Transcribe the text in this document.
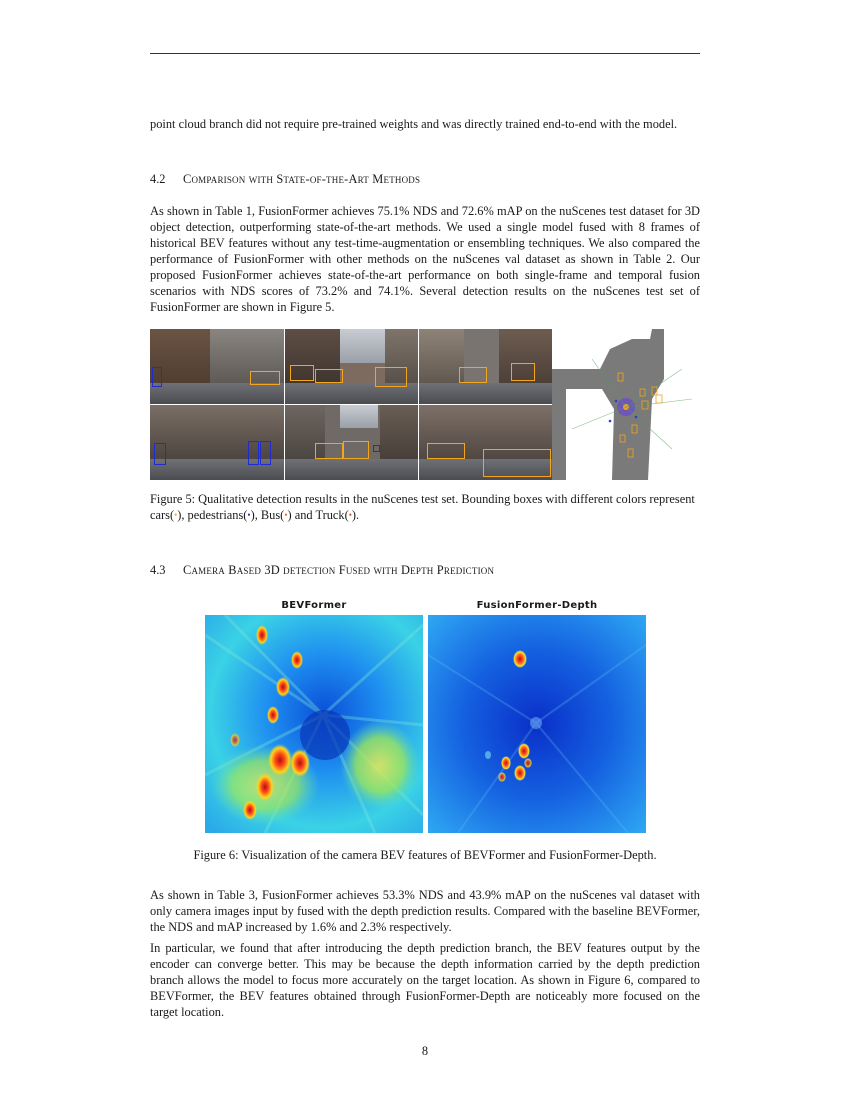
point cloud branch did not require pre-trained weights and was directly trained end-to-end with the model.

4.2 Comparison with State-of-the-Art Methods

As shown in Table 1, FusionFormer achieves 75.1% NDS and 72.6% mAP on the nuScenes test dataset for 3D object detection, outperforming state-of-the-art methods. We used a single model fused with 8 frames of historical BEV features without any test-time-augmentation or ensembling techniques. We also compared the performance of FusionFormer with other methods on the nuScenes val dataset as shown in Table 2. Our proposed FusionFormer achieves state-of-the-art performance on both single-frame and temporal fusion scenarios with NDS scores of 73.2% and 74.1%. Several detection results on the nuScenes test set of FusionFormer are shown in Figure 5.

Figure 5: Qualitative detection results in the nuScenes test set. Bounding boxes with different colors represent cars(•), pedestrians(•), Bus(•) and Truck(•).

4.3 Camera Based 3D detection Fused with Depth Prediction
BEVFormer	FusionFormer-Depth

Figure 6: Visualization of the camera BEV features of BEVFormer and FusionFormer-Depth.

As shown in Table 3, FusionFormer achieves 53.3% NDS and 43.9% mAP on the nuScenes val dataset with only camera images input by fused with the depth prediction results. Compared with the baseline BEVFormer, the NDS and mAP increased by 1.6% and 2.3% respectively.

In particular, we found that after introducing the depth prediction branch, the BEV features output by the encoder can converge better. This may be because the depth information carried by the depth prediction branch allows the model to focus more accurately on the target location. As shown in Figure 6, compared to BEVFormer, the BEV features obtained through FusionFormer-Depth are noticeably more focused on the target location.

8
